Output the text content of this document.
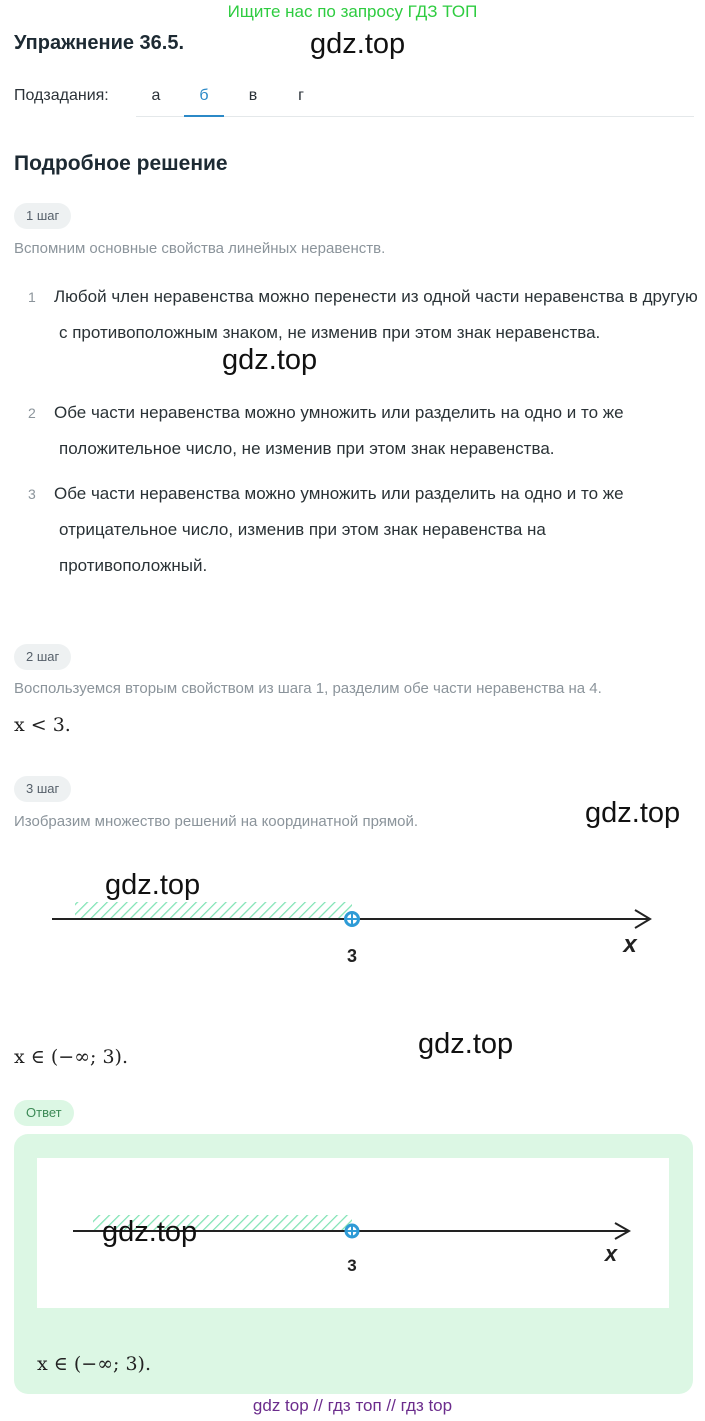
Ищите нас по запросу ГДЗ ТОП
Упражнение 36.5.	gdz.top
Подзадания:	а	б	в	г
Подробное решение
1 шаг
Вспомним основные свойства линейных неравенств.
1 Любой член неравенства можно перенести из одной части неравенства в другую с противоположным знаком, не изменив при этом знак неравенства.
gdz.top
2 Обе части неравенства можно умножить или разделить на одно и то же положительное число, не изменив при этом знак неравенства.
3 Обе части неравенства можно умножить или разделить на одно и то же отрицательное число, изменив при этом знак неравенства на противоположный.
2 шаг
Воспользуемся вторым свойством из шага 1, разделим обе части неравенства на 4.
x < 3.
3 шаг
Изобразим множество решений на координатной прямой.	gdz.top
3	x
gdz.top
gdz.top
x ∈ (−∞; 3).
Ответ
3	x
gdz.top
x ∈ (−∞; 3).
gdz top // гдз топ // гдз top
